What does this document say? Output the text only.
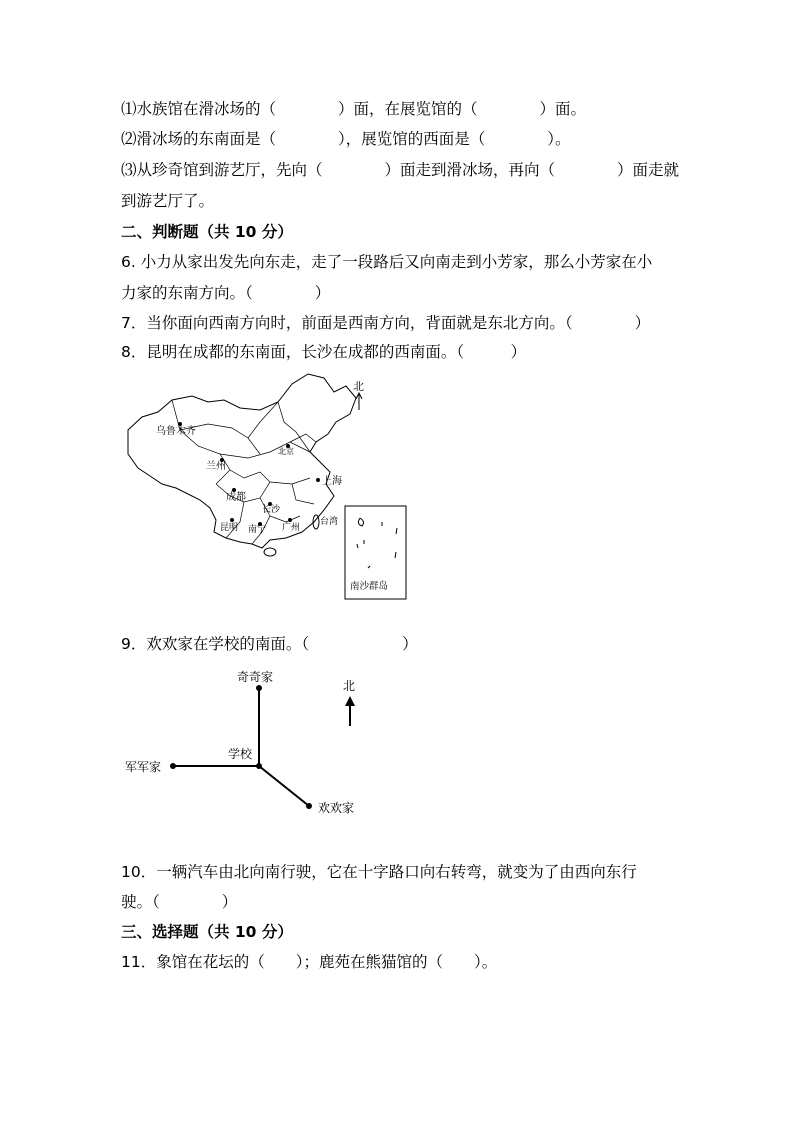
⑴水族馆在滑冰场的（　　　　）面，在展览馆的（　　　　）面。
⑵滑冰场的东南面是（　　　　），展览馆的西面是（　　　　）。
⑶从珍奇馆到游艺厅，先向（　　　　）面走到滑冰场，再向（　　　　）面走就
到游艺厅了。
二、判断题（共 10 分）
6. 小力从家出发先向东走，走了一段路后又向南走到小芳家，那么小芳家在小
力家的东南方向。（　　　　）
7．当你面向西南方向时，前面是西南方向，背面就是东北方向。（　　　　）
8．昆明在成都的东南面，长沙在成都的西南面。（　　　）
乌鲁木齐
兰州
成都
北京
上海
长沙
昆明 南宁 广州
台湾
南沙群岛
北
9．欢欢家在学校的南面。（　　　　　　）
奇奇家
学校
军军家
欢欢家
北
10．一辆汽车由北向南行驶，它在十字路口向右转弯，就变为了由西向东行
驶。（　　　　）
三、选择题（共 10 分）
11．象馆在花坛的（　　）；鹿苑在熊猫馆的（　　）。
